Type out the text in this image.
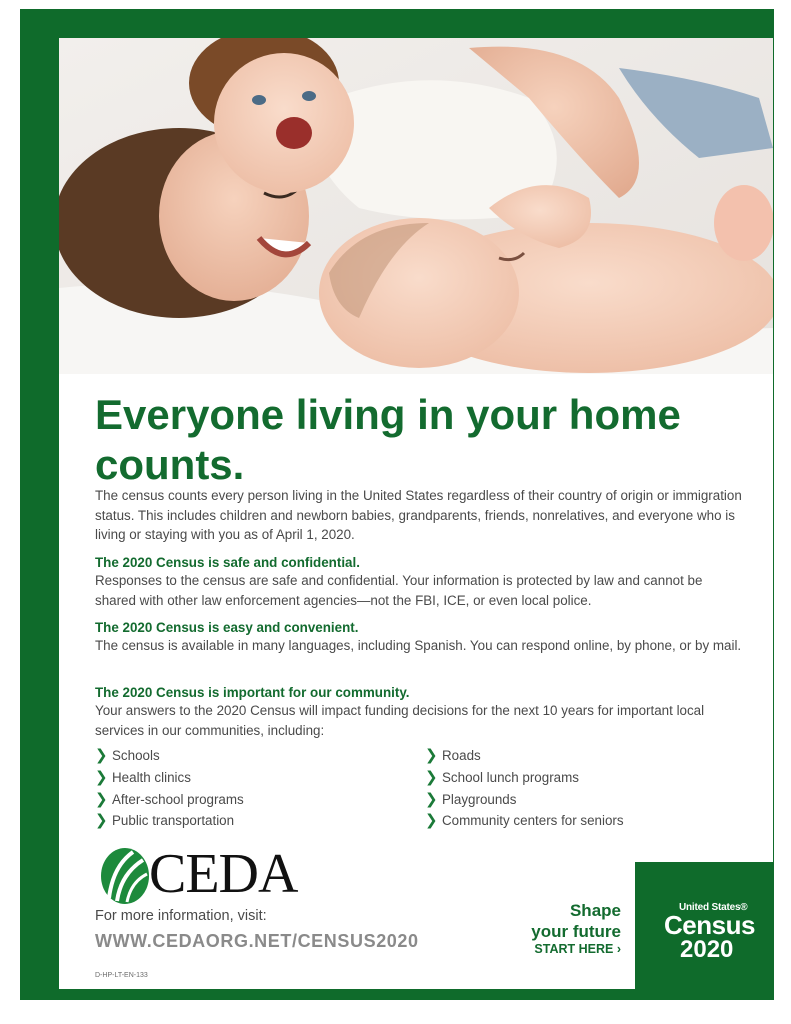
Everyone living in your home counts.

The census counts every person living in the United States regardless of their country of origin or immigration status. This includes children and newborn babies, grandparents, friends, nonrelatives, and everyone who is living or staying with you as of April 1, 2020.

The 2020 Census is safe and confidential.

Responses to the census are safe and confidential. Your information is protected by law and cannot be shared with other law enforcement agencies—not the FBI, ICE, or even local police.

The 2020 Census is easy and convenient.

The census is available in many languages, including Spanish. You can respond online, by phone, or by mail.

The 2020 Census is important for our community.

Your answers to the 2020 Census will impact funding decisions for the next 10 years for important local services in our communities, including:

❯ Schools
❯ Health clinics
❯ After-school programs
❯ Public transportation
❯ Roads
❯ School lunch programs
❯ Playgrounds
❯ Community centers for seniors
CEDA
For more information, visit:
WWW.CEDAORG.NET/CENSUS2020
D-HP-LT-EN-133
Shape
your future
START HERE ›
United States®
Census
2020
